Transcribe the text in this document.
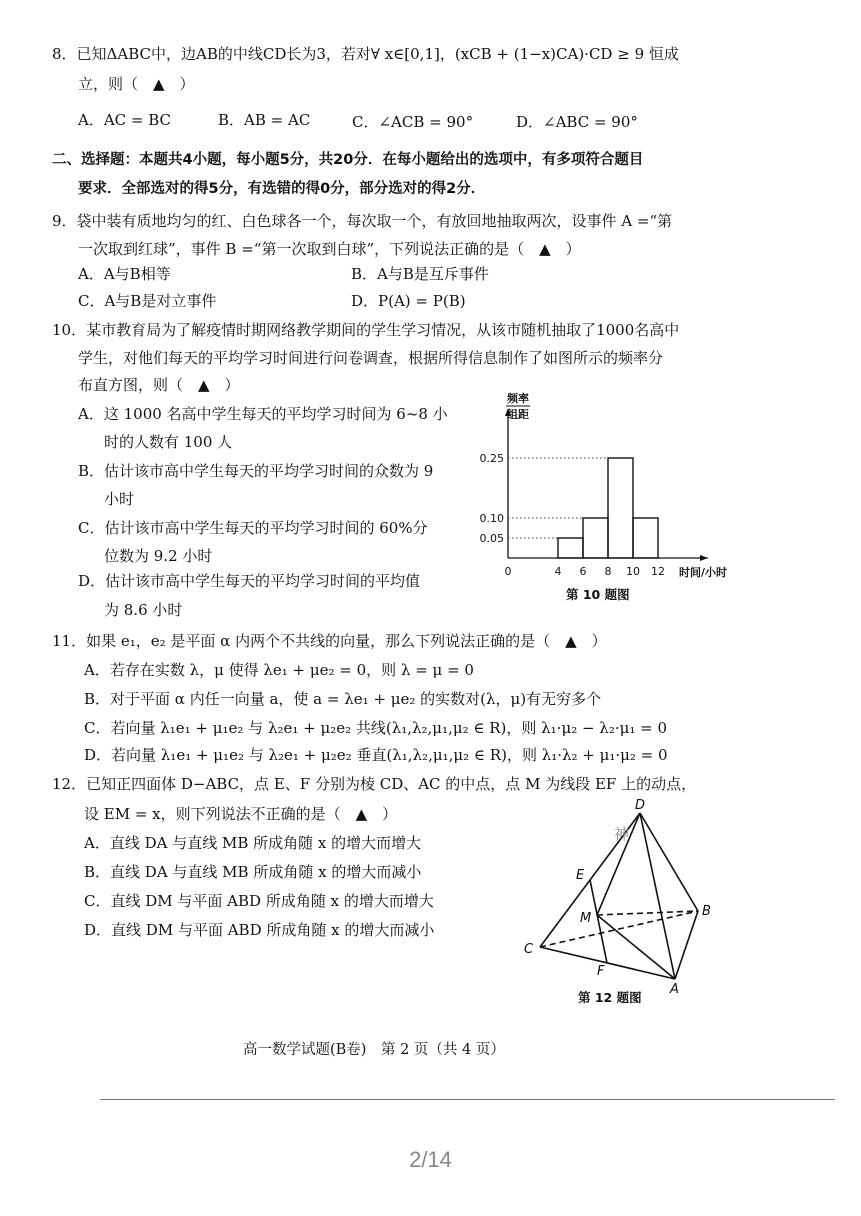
8．已知ΔABC中，边AB的中线CD长为3，若对∀ x∈[0,1]，(xCB + (1−x)CA)·CD ≥ 9 恒成
立，则（　▲　）
A．AC = BC	B．AB = AC	C．∠ACB = 90°	D．∠ABC = 90°
二、选择题：本题共4小题，每小题5分，共20分．在每小题给出的选项中，有多项符合题目
要求．全部选对的得5分，有选错的得0分，部分选对的得2分．
9．袋中装有质地均匀的红、白色球各一个，每次取一个，有放回地抽取两次，设事件 A =“第
一次取到红球”，事件 B =“第一次取到白球”，下列说法正确的是（　▲　）
A．A与B相等	B．A与B是互斥事件
C．A与B是对立事件	D．P(A) = P(B)
10．某市教育局为了解疫情时期网络教学期间的学生学习情况，从该市随机抽取了1000名高中
学生，对他们每天的平均学习时间进行问卷调查，根据所得信息制作了如图所示的频率分
布直方图，则（　▲　）
A．这 1000 名高中学生每天的平均学习时间为 6~8 小
时的人数有 100 人
B．估计该市高中学生每天的平均学习时间的众数为 9
小时
C．估计该市高中学生每天的平均学习时间的 60%分
位数为 9.2 小时
D．估计该市高中学生每天的平均学习时间的平均值
为 8.6 小时
0.05
0.10
0.25
0	4 6 8 10 12
频率
组距
时间/小时
第 10 题图
11．如果 e₁，e₂ 是平面 α 内两个不共线的向量，那么下列说法正确的是（　▲　）
A．若存在实数 λ，μ 使得 λe₁ + μe₂ = 0，则 λ = μ = 0
B．对于平面 α 内任一向量 a，使 a = λe₁ + μe₂ 的实数对(λ，μ)有无穷多个
C．若向量 λ₁e₁ + μ₁e₂ 与 λ₂e₁ + μ₂e₂ 共线(λ₁,λ₂,μ₁,μ₂ ∈ R)，则 λ₁·μ₂ − λ₂·μ₁ = 0
D．若向量 λ₁e₁ + μ₁e₂ 与 λ₂e₁ + μ₂e₂ 垂直(λ₁,λ₂,μ₁,μ₂ ∈ R)，则 λ₁·λ₂ + μ₁·μ₂ = 0
12．已知正四面体 D−ABC，点 E、F 分别为棱 CD、AC 的中点，点 M 为线段 EF 上的动点，
设 EM = x，则下列说法不正确的是（　▲　）
A．直线 DA 与直线 MB 所成角随 x 的增大而增大
B．直线 DA 与直线 MB 所成角随 x 的增大而减小
C．直线 DM 与平面 ABD 所成角随 x 的增大而增大
D．直线 DM 与平面 ABD 所成角随 x 的增大而减小
D
E
M	B
C
F
A
神
第 12 题图
高一数学试题(B卷)　第 2 页（共 4 页）
2/14
